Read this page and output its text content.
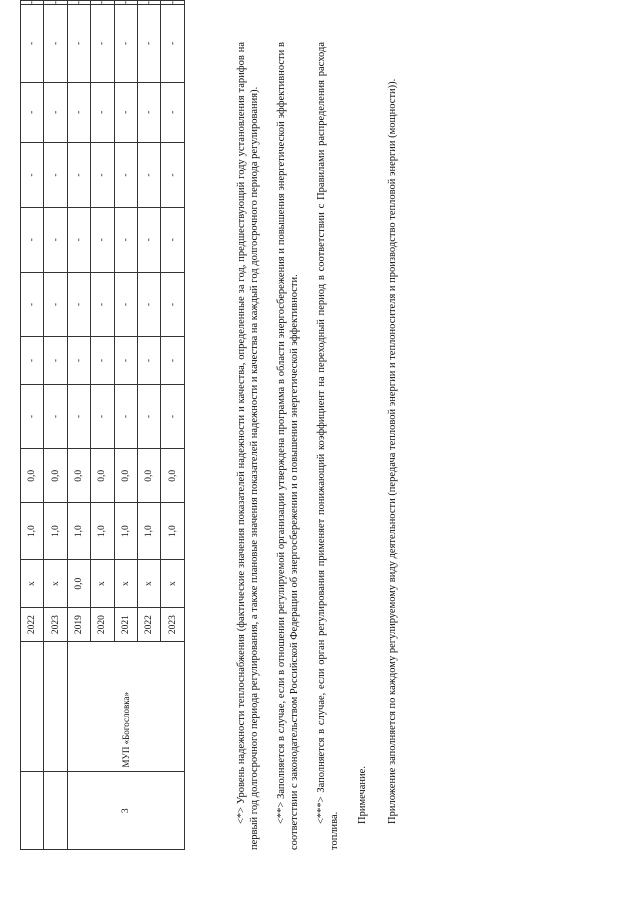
		2022	x	1,0	0,0	-	-	-	-	-	-	-	-
		2023	x	1,0	0,0	-	-	-	-	-	-	-	-
3	МУП «Богословка»	2019	0,0	1,0	0,0	-	-	-	-	-	-	-	-
		2020	x	1,0	0,0	-	-	-	-	-	-	-	-
		2021	x	1,0	0,0	-	-	-	-	-	-	-	-
		2022	x	1,0	0,0	-	-	-	-	-	-	-	-
		2023	x	1,0	0,0	-	-	-	-	-	-	-	-

<*> Уровень надежности теплоснабжения (фактические значения показателей надежности и качества, определенные за год, предшествующий году установления тарифов на первый год долгосрочного периода регулирования, а также плановые значения показателей надежности и качества на каждый год долгосрочного периода регулирования). <**> Заполняется в случае, если в отношении регулируемой организации утверждена программа в области энергосбережения и повышения энергетической эффективности в соответствии с законодательством Российской Федерации об энергосбережении и о повышении энергетической эффективности. <***> Заполняется в случае, если орган регулирования применяет понижающий коэффициент на переходный период в соответствии с Правилами распределения расхода топлива.

Примечание. Приложение заполняется по каждому регулируемому виду деятельности (передача тепловой энергии и теплоносителя и производство тепловой энергии (мощности)).
